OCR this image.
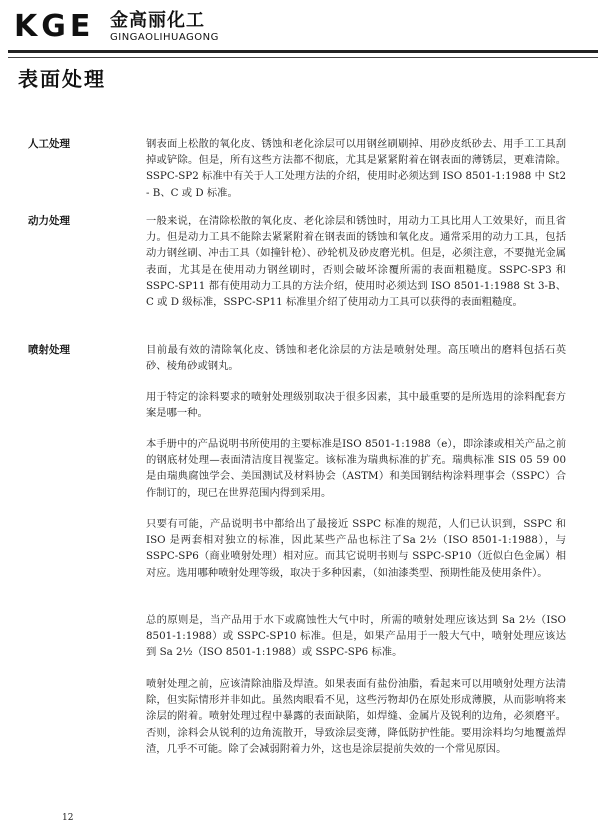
KGE 金高丽化工
GINGAOLIHUAGONG
表面处理
人工处理	钢表面上松散的氧化皮、锈蚀和老化涂层可以用钢丝刷刷掉、用砂皮纸砂去、用手工工具刮掉或铲除。但是，所有这些方法都不彻底，尤其是紧紧附着在钢表面的薄锈层，更难清除。SSPC-SP2 标准中有关于人工处理方法的介绍，使用时必须达到 ISO 8501-1:1988 中 St2 - B、C 或 D 标准。

动力处理	一般来说，在清除松散的氧化皮、老化涂层和锈蚀时，用动力工具比用人工效果好，而且省力。但是动力工具不能除去紧紧附着在钢表面的锈蚀和氧化皮。通常采用的动力工具，包括动力钢丝刷、冲击工具（如撞针枪）、砂轮机及砂皮磨光机。但是，必须注意，不要抛光金属表面，尤其是在使用动力钢丝刷时，否则会破坏涂覆所需的表面粗糙度。SSPC-SP3 和 SSPC-SP11 都有使用动力工具的方法介绍，使用时必须达到 ISO 8501-1:1988 St 3-B、C 或 D 级标准，SSPC-SP11 标准里介绍了使用动力工具可以获得的表面粗糙度。

喷射处理	目前最有效的清除氧化皮、锈蚀和老化涂层的方法是喷射处理。高压喷出的磨料包括石英砂、棱角砂或钢丸。

用于特定的涂料要求的喷射处理级别取决于很多因素，其中最重要的是所选用的涂料配套方案是哪一种。

本手册中的产品说明书所使用的主要标准是ISO 8501-1:1988（e），即涂漆或相关产品之前的钢底材处理—表面清洁度目视鉴定。该标准为瑞典标准的扩充。瑞典标准 SIS 05 59 00 是由瑞典腐蚀学会、美国测试及材料协会（ASTM）和美国钢结构涂料理事会（SSPC）合作制订的，现已在世界范围内得到采用。

只要有可能，产品说明书中都给出了最接近 SSPC 标准的规范，人们已认识到，SSPC 和 ISO 是两套相对独立的标准，因此某些产品也标注了Sa 2½（ISO 8501-1:1988），与 SSPC-SP6（商业喷射处理）相对应。而其它说明书则与 SSPC-SP10（近似白色金属）相对应。选用哪种喷射处理等级，取决于多种因素，（如油漆类型、预期性能及使用条件）。

总的原则是，当产品用于水下或腐蚀性大气中时，所需的喷射处理应该达到 Sa 2½（ISO 8501-1:1988）或 SSPC-SP10 标准。但是，如果产品用于一般大气中，喷射处理应该达到 Sa 2½（ISO 8501-1:1988）或 SSPC-SP6 标准。

喷射处理之前，应该清除油脂及焊渣。如果表面有盐份油脂，看起来可以用喷射处理方法清除，但实际情形并非如此。虽然肉眼看不见，这些污物却仍在原处形成薄膜，从而影响将来涂层的附着。喷射处理过程中暴露的表面缺陷，如焊缝、金属片及锐利的边角，必须磨平。否则，涂料会从锐利的边角流散开，导致涂层变薄，降低防护性能。要用涂料均匀地覆盖焊渣，几乎不可能。除了会减弱附着力外，这也是涂层提前失效的一个常见原因。

12
